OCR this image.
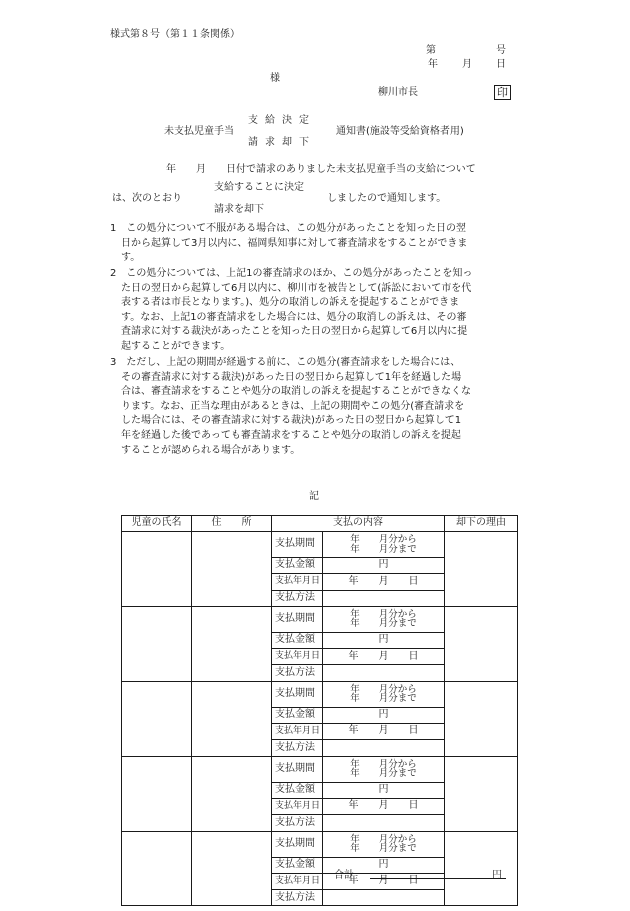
様式第８号（第１１条関係）
第	号
年 月 日
様
柳川市長	印
支給決定
未支払児童手当	通知書(施設等受給資格者用)
請求却下
年　　月　　日付で請求のありました未支払児童手当の支給について
支給することに決定
は、次のとおり	しましたので通知します。
請求を却下
1　この処分について不服がある場合は、この処分があったことを知った日の翌
日から起算して3月以内に、福岡県知事に対して審査請求をすることができま
す。
2　この処分については、上記1の審査請求のほか、この処分があったことを知っ
た日の翌日から起算して6月以内に、柳川市を被告として(訴訟において市を代
表する者は市長となります。)、処分の取消しの訴えを提起することができま
す。なお、上記1の審査請求をした場合には、処分の取消しの訴えは、その審
査請求に対する裁決があったことを知った日の翌日から起算して6月以内に提
起することができます。
3　ただし、上記の期間が経過する前に、この処分(審査請求をした場合には、
その審査請求に対する裁決)があった日の翌日から起算して1年を経過した場
合は、審査請求をすることや処分の取消しの訴えを提起することができなくな
ります。なお、正当な理由があるときは、上記の期間やこの処分(審査請求を
した場合には、その審査請求に対する裁決)があった日の翌日から起算して1
年を経過した後であっても審査請求をすることや処分の取消しの訴えを提起
することが認められる場合があります。
記
児童の氏名	住　　所	支払の内容		却下の理由
		支払期間	年　　月分から
年　　月分まで	

		支払金額	円	
		支払年月日	年　　月　　日	
		支払方法		
		支払期間	年　　月分から
年　　月分まで	

		支払金額	円	
		支払年月日	年　　月　　日	
		支払方法		
		支払期間	年　　月分から
年　　月分まで	

		支払金額	円	
		支払年月日	年　　月　　日	
		支払方法		
		支払期間	年　　月分から
年　　月分まで	

		支払金額	円	
		支払年月日	年　　月　　日	
		支払方法		
		支払期間	年　　月分から
年　　月分まで	

		支払金額	円	
		支払年月日	年　　月　　日	
		支払方法		
合計	円
